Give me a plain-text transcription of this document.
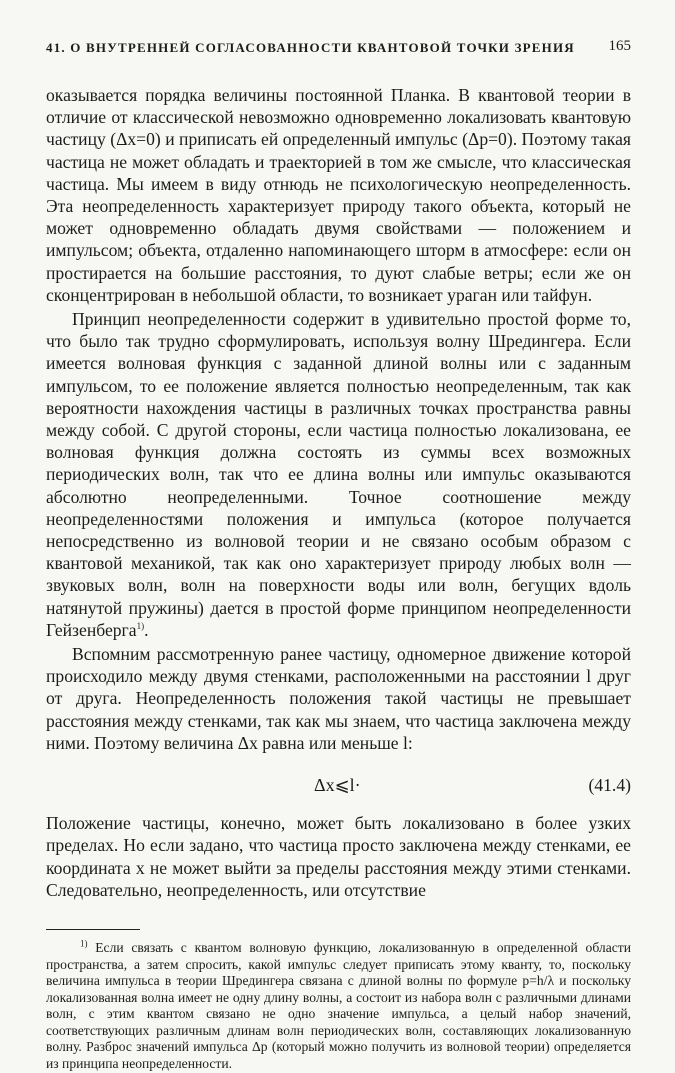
41. О ВНУТРЕННЕЙ СОГЛАСОВАННОСТИ КВАНТОВОЙ ТОЧКИ ЗРЕНИЯ 165

оказывается порядка величины постоянной Планка. В квантовой теории в отличие от классической невозможно одновременно локализовать квантовую частицу (Δx=0) и приписать ей определенный импульс (Δp=0). Поэтому такая частица не может обладать и траекторией в том же смысле, что классическая частица. Мы имеем в виду отнюдь не психологическую неопределенность. Эта неопределенность характеризует природу такого объекта, который не может одновременно обладать двумя свойствами — положением и импульсом; объекта, отдаленно напоминающего шторм в атмосфере: если он простирается на большие расстояния, то дуют слабые ветры; если же он сконцентрирован в небольшой области, то возникает ураган или тайфун.

Принцип неопределенности содержит в удивительно простой форме то, что было так трудно сформулировать, используя волну Шредингера. Если имеется волновая функция с заданной длиной волны или с заданным импульсом, то ее положение является полностью неопределенным, так как вероятности нахождения частицы в различных точках пространства равны между собой. С другой стороны, если частица полностью локализована, ее волновая функция должна состоять из суммы всех возможных периодических волн, так что ее длина волны или импульс оказываются абсолютно неопределенными. Точное соотношение между неопределенностями положения и импульса (которое получается непосредственно из волновой теории и не связано особым образом с квантовой механикой, так как оно характеризует природу любых волн — звуковых волн, волн на поверхности воды или волн, бегущих вдоль натянутой пружины) дается в простой форме принципом неопределенности Гейзенберга$^{1)}$.

Вспомним рассмотренную ранее частицу, одномерное движение которой происходило между двумя стенками, расположенными на расстоянии l друг от друга. Неопределенность положения такой частицы не превышает расстояния между стенками, так как мы знаем, что частица заключена между ними. Поэтому величина Δx равна или меньше l:

Δx⩽l·	(41.4)

Положение частицы, конечно, может быть локализовано в более узких пределах. Но если задано, что частица просто заключена между стенками, ее координата x не может выйти за пределы расстояния между этими стенками. Следовательно, неопределенность, или отсутствие

$^{1)}$ Если связать с квантом волновую функцию, локализованную в определенной области пространства, а затем спросить, какой импульс следует приписать этому кванту, то, поскольку величина импульса в теории Шредингера связана с длиной волны по формуле p=h/λ и поскольку локализованная волна имеет не одну длину волны, а состоит из набора волн с различными длинами волн, с этим квантом связано не одно значение импульса, а целый набор значений, соответствующих различным длинам волн периодических волн, составляющих локализованную волну. Разброс значений импульса Δp (который можно получить из волновой теории) определяется из принципа неопределенности.
